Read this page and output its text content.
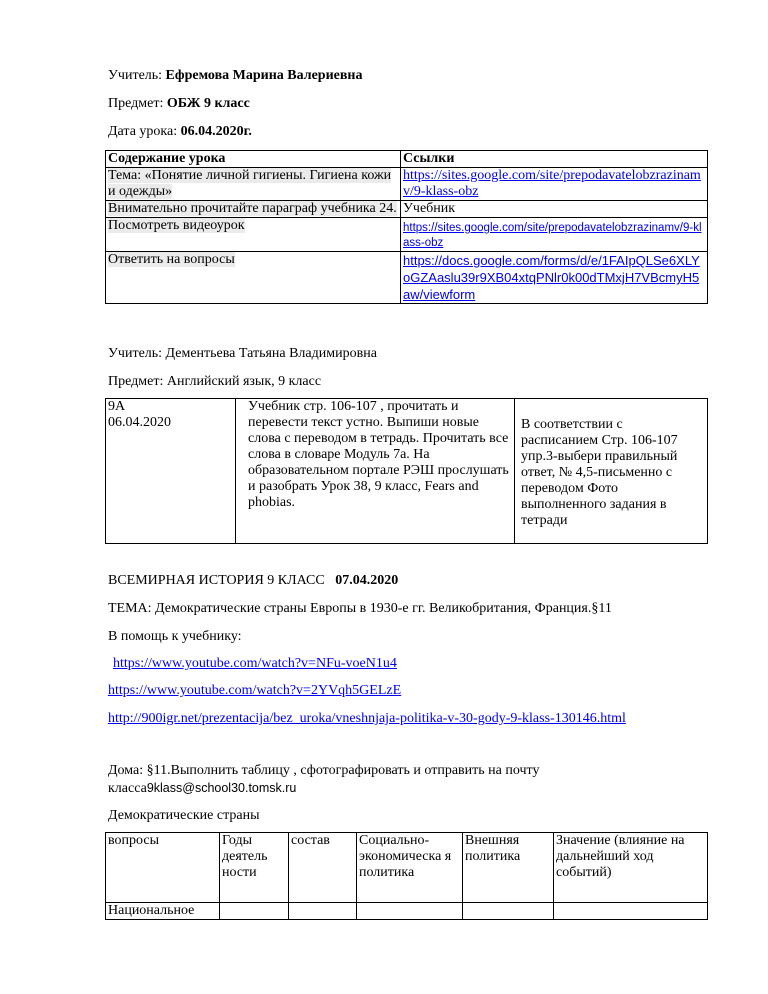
Учитель: Ефремова Марина Валериевна
Предмет: ОБЖ 9 класс
Дата урока: 06.04.2020г.
Содержание урока	Ссылки
Тема: «Понятие личной гигиены. Гигиена кожи и одежды»	https://sites.google.com/site/prepodavatelobzrazinamv/9-klass-obz
Внимательно прочитайте параграф учебника 24.	Учебник
Посмотреть видеоурок	https://sites.google.com/site/prepodavatelobzrazinamv/9-klass-obz
Ответить на вопросы	https://docs.google.com/forms/d/e/1FAIpQLSe6XLYoGZAaslu39r9XB04xtqPNlr0k00dTMxjH7VBcmyH5aw/viewform
Учитель: Дементьева Татьяна Владимировна
Предмет: Английский язык, 9 класс
9А
06.04.2020
	Учебник стр. 106-107 , прочитать и перевести текст устно. Выпиши новые слова с переводом в тетрадь. Прочитать все слова в словаре Модуль 7а. На образовательном портале РЭШ прослушать и разобрать Урок 38, 9 класс, Fears and phobias.	В соответствии с расписанием Стр. 106-107 упр.3-выбери правильный ответ, № 4,5-письменно с переводом Фото выполненного задания в тетради
ВСЕМИРНАЯ ИСТОРИЯ 9 КЛАСС 07.04.2020
ТЕМА: Демократические страны Европы в 1930-е гг. Великобритания, Франция.§11
В помощь к учебнику:
https://www.youtube.com/watch?v=NFu-voeN1u4
https://www.youtube.com/watch?v=2YVqh5GELzE
http://900igr.net/prezentacija/bez_uroka/vneshnjaja-politika-v-30-gody-9-klass-130146.html
Дома: §11.Выполнить таблицу , сфотографировать и отправить на почту
класса9klass@school30.tomsk.ru
Демократические страны
вопросы	Годы деятель ности	состав	Социально-экономическа я политика	Внешняя политика	Значение (влияние на дальнейший ход событий)
Национальное					
